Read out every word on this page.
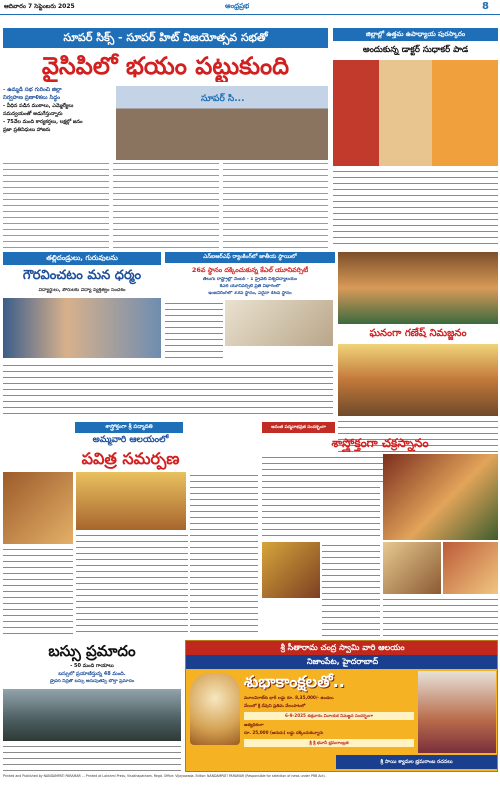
ఆదివారం 7 సెప్టెంబరు 2025	ఆంధ్రప్రభ	8
సూపర్ సిక్స్ - సూపర్ హిట్ విజయోత్సవ సభతో
వైసిపిలో భయం పట్టుకుంది
- ఉమ్మడి సభ గురించి జిల్లా
నిర్వహణ ప్రణాళికలు సిద్ధం
- వీధిన పడిన ముఠాలు, ఎమ్మెల్యేలు
సమన్వయంతో అడుగేస్తున్నారు
- 75వేల మంది కార్యకర్తలు, లక్షల్లో జనం
ప్రజా ప్రతినిధులు హాజరు
సూపర్ సి...
జిల్లాల్లో ఉత్తమ ఉపాధ్యాయ పురస్కారం
అందుకున్న డాక్టర్ సుధాకర్ పాడ
తల్లిదండ్రులు, గురువులను
గౌరవించటం మన ధర్మం
విద్యార్థులు, పౌరులకు విద్యా వ్యక్తిత్వం సందేశం
ఎన్ఐఆర్ఎఫ్ ర్యాంకింగ్‌లో జాతీయ స్థాయిలో
26వ స్థానం దక్కించుకున్న కేఎల్ యూనివర్సిటీ
తెలుగు రాష్ట్రాల్లో నెంబర్ - 1 ప్రైవేట్ విశ్వవిద్యాలయం
కేఎల్ యూనివర్సిటీ ప్రతి విభాగంలో
ఇంజనీరింగ్‌లో 33వ స్థానం, ఏదైనా 46వ స్థానం
ఘనంగా గణేష్ నిమజ్జనం
శాస్త్రోక్తంగా శ్రీ పద్మావతి
అమ్మవారి ఆలయంలో
పవిత్ర సమర్పణ
అనంత పద్మనాభవ్రత సందర్భంగా
శాస్త్రోక్తంగా చక్రస్నానం
బస్సు ప్రమాదం
- 50 మంది గాయాలు
బస్సులో ప్రయాణిస్తున్న 48 మంది.
డ్రైవర్ నిద్రతో బస్సు అదుపుతప్పి బోల్తా ప్రమాదం
శ్రీ సీతారామ చంద్ర స్వామి వారి ఆలయం
నిజాంపేట, హైదరాబాద్
శుభాకాంక్షలతో..
మూలవిరాట్‌కు భారీ లడ్డు రూ. 8,35,000/- ఉండలు
వేలంలో శ్రీ దేవుని ప్రతిమ వేలంపాటలో
6-9-2025 శుక్రవారం వినాయక నిమజ్జన సందర్భంగా
అత్యధికంగా
రూ. 25,000 (అరుదు) లడ్డు దక్కించుకున్నారు
శ్రీ శ్రీ భవానీ భ్రమరాంబ్రత
శ్రీ సాయి శ్యామల భ్రమరాంబ రచనలు
Printed and Published by NANDAMPATI PARAMAR ... Printed at Lakshmi Press, Visakhapatnam. Regd. Office: Vijayawada. Editor: NANDAMPATI PARAMAR (Responsible for selection of news under PRB Act).
